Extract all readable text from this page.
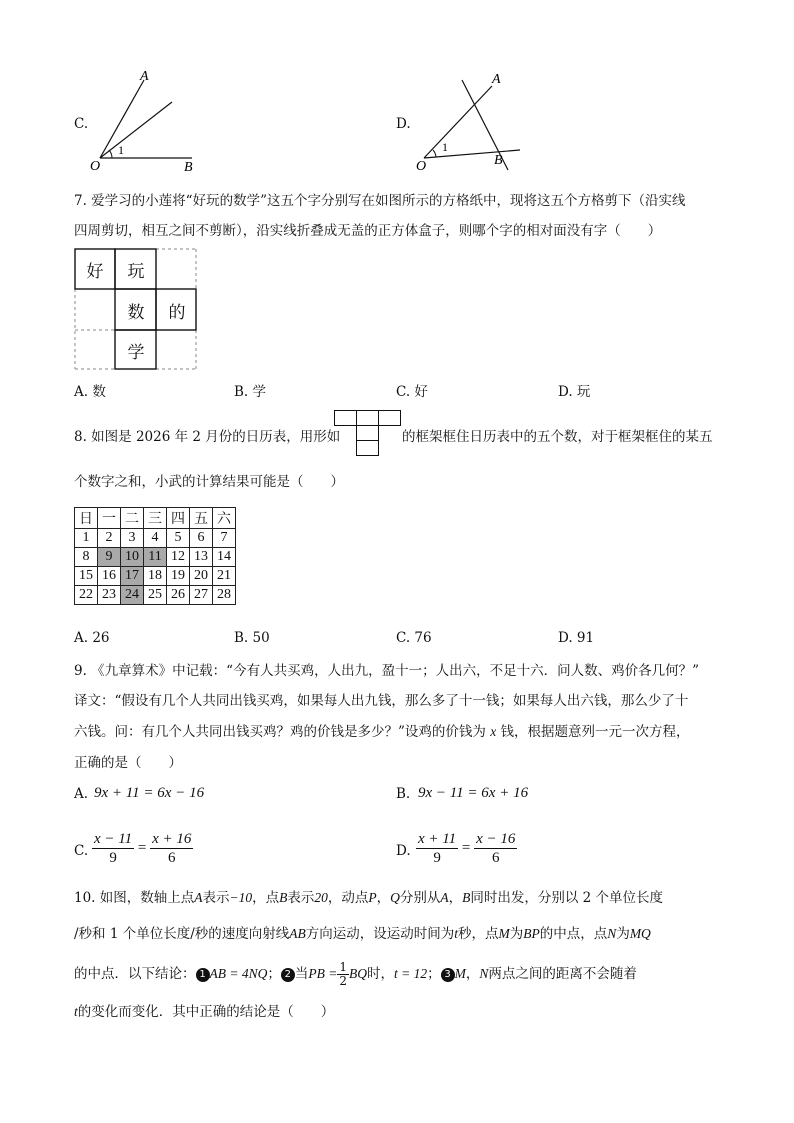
C.
A
O	B
1
D.
A
O	B
1
7. 爱学习的小莲将“好玩的数学”这五个字分别写在如图所示的方格纸中，现将这五个方格剪下（沿实线
四周剪切，相互之间不剪断），沿实线折叠成无盖的正方体盒子，则哪个字的相对面没有字（　　）
好	玩
数	的
学
A. 数	B. 学	C. 好	D. 玩
8. 如图是 2026 年 2 月份的日历表，用形如	的框架框住日历表中的五个数，对于框架框住的某五
个数字之和，小武的计算结果可能是（　　）
日	一	二	三	四	五	六
1	2	3	4	5	6	7
8	9	10	11	12	13	14
15	16	17	18	19	20	21
22	23	24	25	26	27	28
A. 26	B. 50	C. 76	D. 91
9. 《九章算术》中记载：“今有人共买鸡，人出九，盈十一；人出六，不足十六．问人数、鸡价各几何？”
译文：“假设有几个人共同出钱买鸡，如果每人出九钱，那么多了十一钱；如果每人出六钱，那么少了十
六钱。问：有几个人共同出钱买鸡？鸡的价钱是多少？”设鸡的价钱为 x 钱，根据题意列一元一次方程，
正确的是（　　）
A. 9x + 11 = 6x − 16	B. 9x − 11 = 6x + 16
C. $\frac{x - 11}{9} = \frac{x + 16}{6}$	D. $\frac{x + 11}{9} = \frac{x - 16}{6}$
10. 如图，数轴上点A表示−10，点B表示20，动点P，Q分别从A，B同时出发，分别以 2 个单位长度
/秒和 1 个单位长度/秒的速度向射线AB方向运动，设运动时间为t秒，点M为BP的中点，点N为MQ
的中点．以下结论： 1 AB = 4NQ； 2 当PB = $\frac{1}{2}$ BQ时，t = 12； 3 M，N两点之间的距离不会随着
t的变化而变化．其中正确的结论是（　　）
